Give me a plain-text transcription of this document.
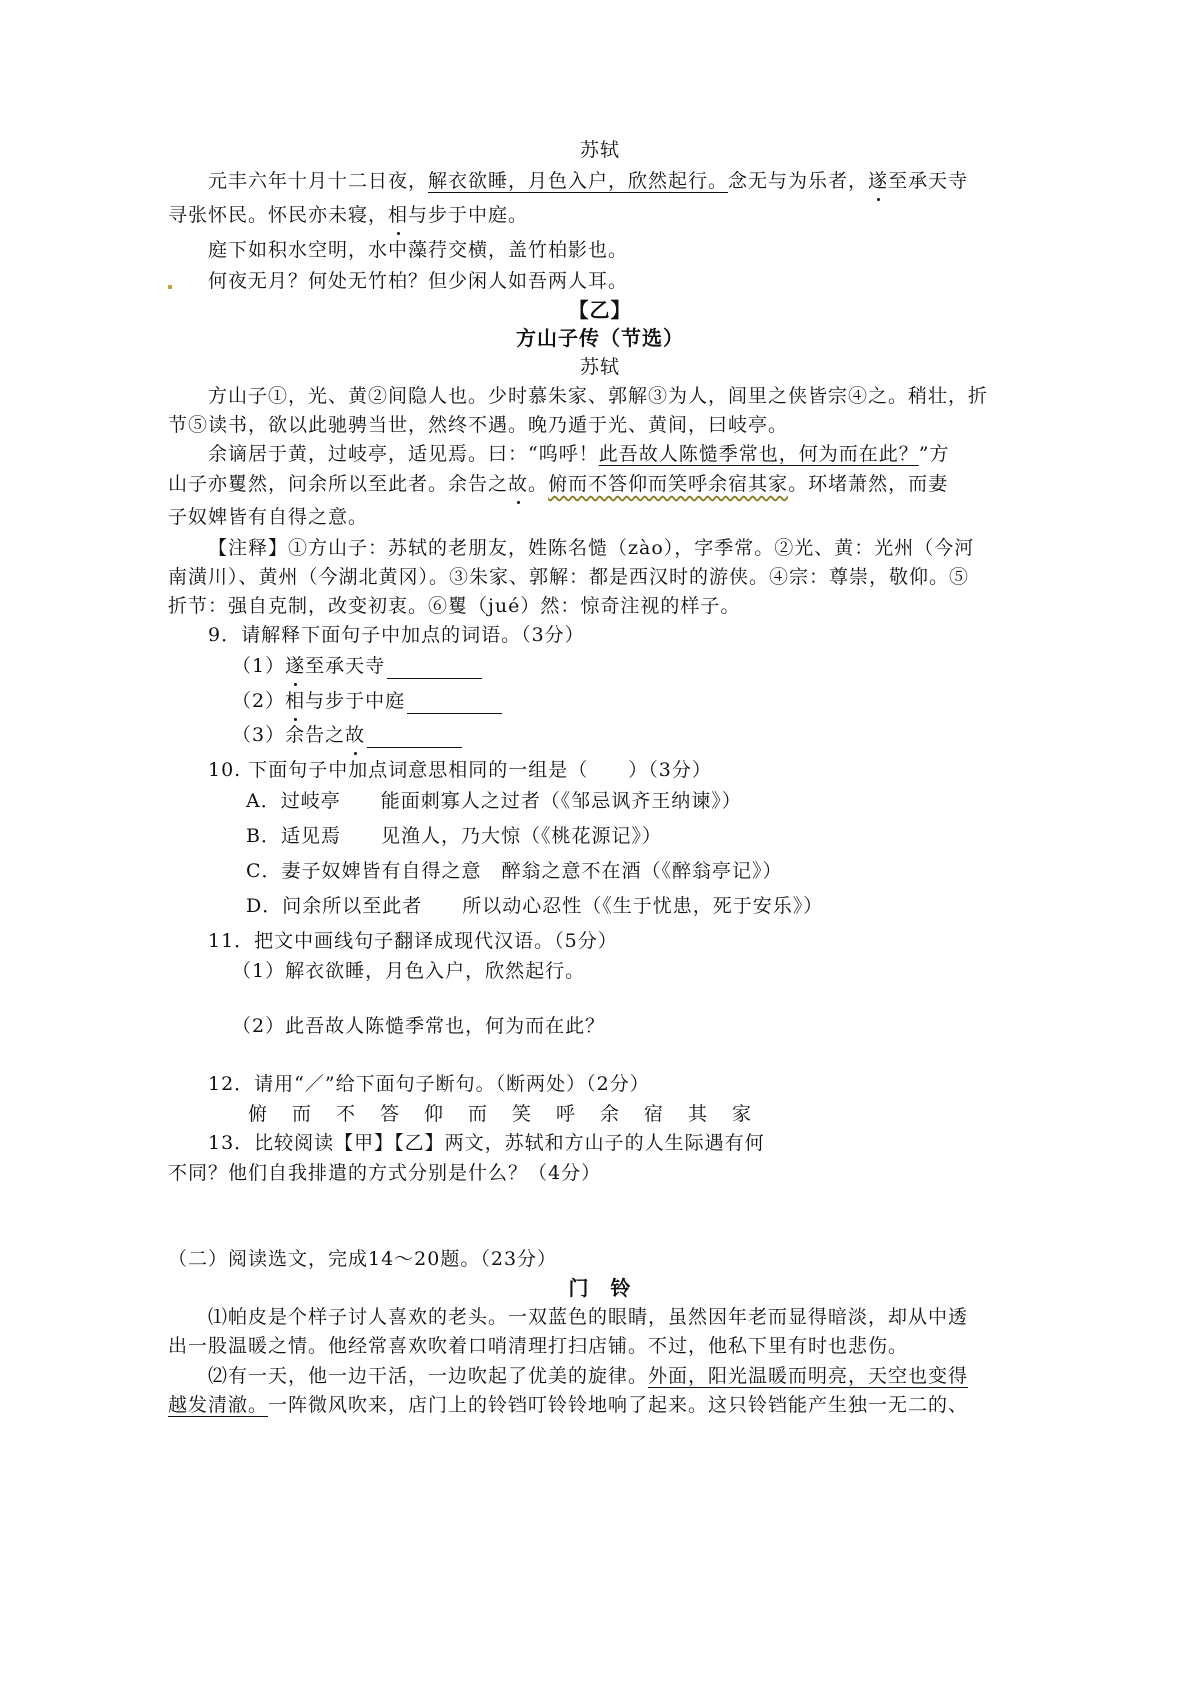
苏轼
元丰六年十月十二日夜，解衣欲睡，月色入户，欣然起行。念无与为乐者，遂至承天寺
寻张怀民。怀民亦未寝，相与步于中庭。
庭下如积水空明，水中藻荇交横，盖竹柏影也。
何夜无月？何处无竹柏？但少闲人如吾两人耳。
【乙】
方山子传（节选）
苏轼
方山子①，光、黄②间隐人也。少时慕朱家、郭解③为人，闾里之侠皆宗④之。稍壮，折
节⑤读书，欲以此驰骋当世，然终不遇。晚乃遁于光、黄间，曰岐亭。
余谪居于黄，过岐亭，适见焉。曰：“呜呼！此吾故人陈慥季常也，何为而在此？”方
山子亦矍然，问余所以至此者。余告之故。俯而不答仰而笑呼余宿其家。环堵萧然，而妻
子奴婢皆有自得之意。
【注释】①方山子：苏轼的老朋友，姓陈名慥（zào），字季常。②光、黄：光州（今河
南潢川）、黄州（今湖北黄冈）。③朱家、郭解：都是西汉时的游侠。④宗：尊崇，敬仰。⑤
折节：强自克制，改变初衷。⑥矍（jué）然：惊奇注视的样子。
9．请解释下面句子中加点的词语。（3分）
（1）遂至承天寺
（2）相与步于中庭
（3）余告之故
10. 下面句子中加点词意思相同的一组是（　　）（3分）
A．过岐亭　　能面刺寡人之过者（《邹忌讽齐王纳谏》）
B．适见焉　　见渔人，乃大惊（《桃花源记》）
C．妻子奴婢皆有自得之意　醉翁之意不在酒（《醉翁亭记》）
D．问余所以至此者　　所以动心忍性（《生于忧患，死于安乐》）
11．把文中画线句子翻译成现代汉语。（5分）
（1）解衣欲睡，月色入户，欣然起行。
（2）此吾故人陈慥季常也，何为而在此？
12．请用“／”给下面句子断句。（断两处）（2分）
俯 而 不 答 仰 而 笑 呼 余 宿 其 家
13．比较阅读【甲】【乙】两文，苏轼和方山子的人生际遇有何
不同？他们自我排遣的方式分别是什么？（4分）
（二）阅读选文，完成14～20题。（23分）
门　铃
⑴帕皮是个样子讨人喜欢的老头。一双蓝色的眼睛，虽然因年老而显得暗淡，却从中透
出一股温暖之情。他经常喜欢吹着口哨清理打扫店铺。不过，他私下里有时也悲伤。
⑵有一天，他一边干活，一边吹起了优美的旋律。外面，阳光温暖而明亮，天空也变得
越发清澈。一阵微风吹来，店门上的铃铛叮铃铃地响了起来。这只铃铛能产生独一无二的、
